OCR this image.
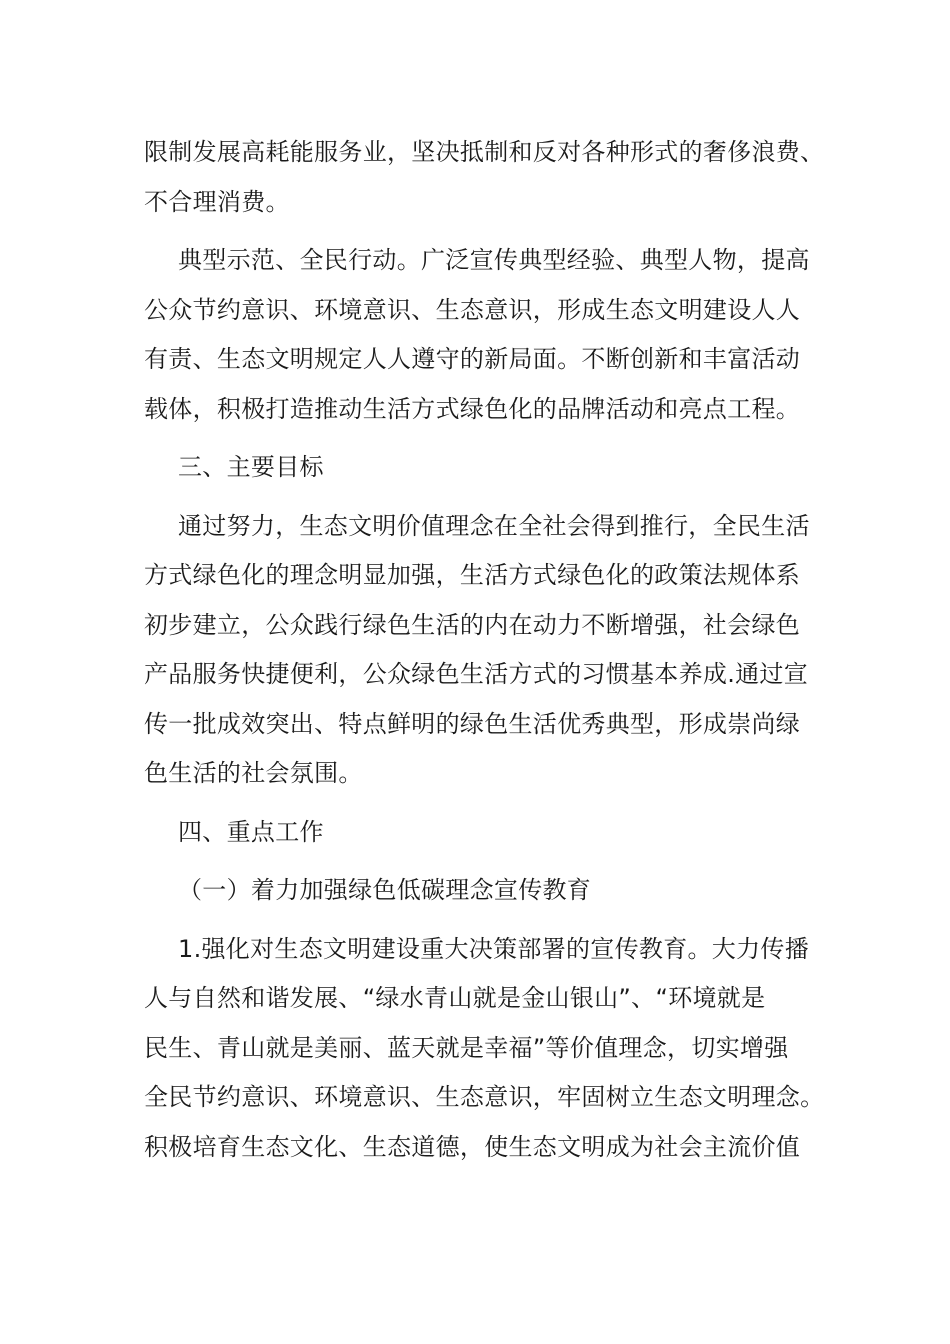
限制发展高耗能服务业，坚决抵制和反对各种形式的奢侈浪费、
不合理消费。
典型示范、全民行动。广泛宣传典型经验、典型人物，提高
公众节约意识、环境意识、生态意识，形成生态文明建设人人
有责、生态文明规定人人遵守的新局面。不断创新和丰富活动
载体，积极打造推动生活方式绿色化的品牌活动和亮点工程。
三、主要目标
通过努力，生态文明价值理念在全社会得到推行，全民生活
方式绿色化的理念明显加强，生活方式绿色化的政策法规体系
初步建立，公众践行绿色生活的内在动力不断增强，社会绿色
产品服务快捷便利，公众绿色生活方式的习惯基本养成.通过宣
传一批成效突出、特点鲜明的绿色生活优秀典型，形成崇尚绿
色生活的社会氛围。
四、重点工作
（一）着力加强绿色低碳理念宣传教育
1.强化对生态文明建设重大决策部署的宣传教育。大力传播
人与自然和谐发展、“绿水青山就是金山银山”、“环境就是
民生、青山就是美丽、蓝天就是幸福”等价值理念，切实增强
全民节约意识、环境意识、生态意识，牢固树立生态文明理念。
积极培育生态文化、生态道德，使生态文明成为社会主流价值
